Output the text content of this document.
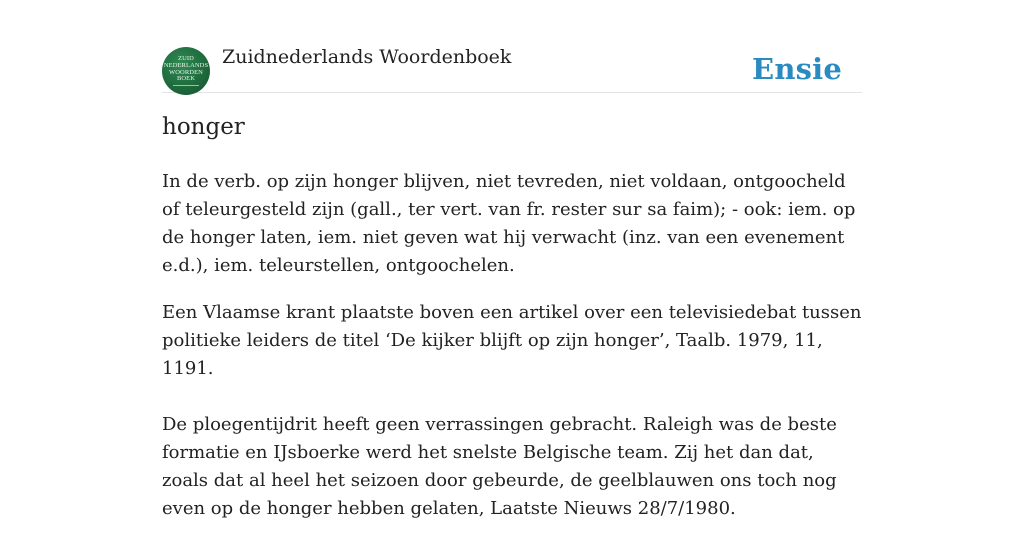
ZUID
NEDERLANDS
WOORDEN
BOEK
Zuidnederlands Woordenboek	Ensie
honger

In de verb. op zijn honger blijven, niet tevreden, niet voldaan, ontgoocheld of teleurgesteld zijn (gall., ter vert. van fr. rester sur sa faim); - ook: iem. op de honger laten, iem. niet geven wat hij verwacht (inz. van een evenement e.d.), iem. teleurstellen, ontgoochelen.

Een Vlaamse krant plaatste boven een artikel over een televisiedebat tussen politieke leiders de titel ‘De kijker blijft op zijn honger’, Taalb. 1979, 11, 1191.

De ploegentijdrit heeft geen verrassingen gebracht. Raleigh was de beste formatie en IJsboerke werd het snelste Belgische team. Zij het dan dat, zoals dat al heel het seizoen door gebeurde, de geelblauwen ons toch nog even op de honger hebben gelaten, Laatste Nieuws 28/7/1980.
